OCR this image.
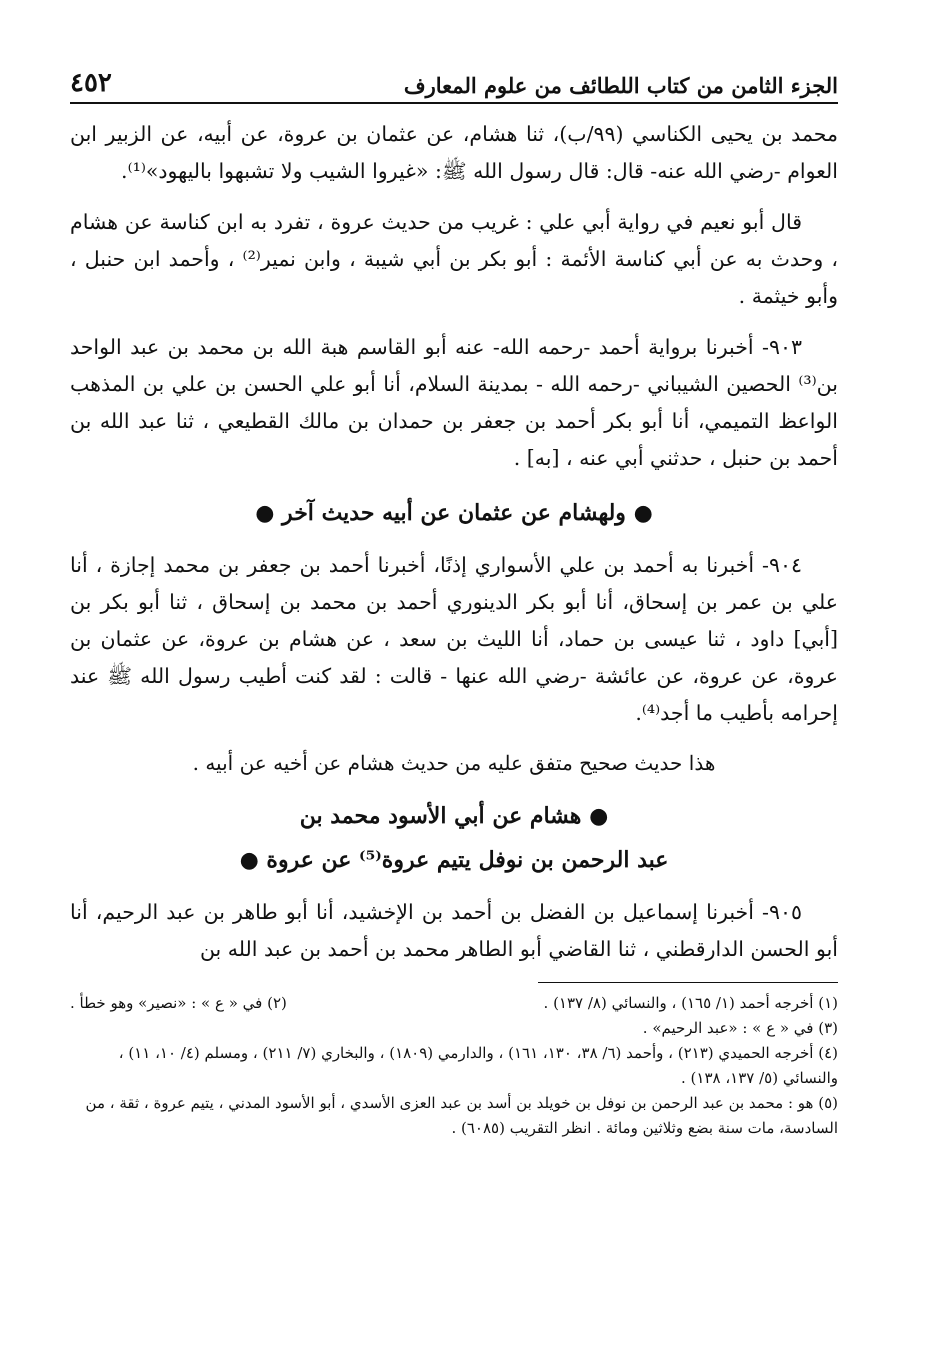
الجزء الثامن من كتاب اللطائف من علوم المعارف
٤٥٢

محمد بن يحيى الكناسي (٩٩/ب)، ثنا هشام، عن عثمان بن عروة، عن أبيه، عن الزبير ابن العوام -رضي الله عنه- قال: قال رسول الله ﷺ: «غيروا الشيب ولا تشبهوا باليهود»⁽¹⁾.

قال أبو نعيم في رواية أبي علي : غريب من حديث عروة ، تفرد به ابن كناسة عن هشام ، وحدث به عن أبي كناسة الأئمة : أبو بكر بن أبي شيبة ، وابن نمير⁽²⁾ ، وأحمد ابن حنبل ، وأبو خيثمة .

٩٠٣- أخبرنا برواية أحمد -رحمه الله- عنه أبو القاسم هبة الله بن محمد بن عبد الواحد بن⁽³⁾ الحصين الشيباني -رحمه الله - بمدينة السلام، أنا أبو علي الحسن بن علي بن المذهب الواعظ التميمي، أنا أبو بكر أحمد بن جعفر بن حمدان بن مالك القطيعي ، ثنا عبد الله بن أحمد بن حنبل ، حدثني أبي عنه ، [به] .

● ولهشام عن عثمان عن أبيه حديث آخر ●

٩٠٤- أخبرنا به أحمد بن علي الأسواري إذنًا، أخبرنا أحمد بن جعفر بن محمد إجازة ، أنا علي بن عمر بن إسحاق، أنا أبو بكر الدينوري أحمد بن محمد بن إسحاق ، ثنا أبو بكر بن [أبي] داود ، ثنا عيسى بن حماد، أنا الليث بن سعد ، عن هشام بن عروة، عن عثمان بن عروة، عن عروة، عن عائشة -رضي الله عنها - قالت : لقد كنت أطيب رسول الله ﷺ عند إحرامه بأطيب ما أجد⁽⁴⁾.

هذا حديث صحيح متفق عليه من حديث هشام عن أخيه عن أبيه .
● هشام عن أبي الأسود محمد بن
عبد الرحمن بن نوفل يتيم عروة⁽⁵⁾ عن عروة ●

٩٠٥- أخبرنا إسماعيل بن الفضل بن أحمد بن الإخشيد، أنا أبو طاهر بن عبد الرحيم، أنا أبو الحسن الدارقطني ، ثنا القاضي أبو الطاهر محمد بن أحمد بن عبد الله بن

(١) أخرجه أحمد (١/ ١٦٥) ، والنسائي (٨/ ١٣٧) .
(٢) في « ع » : «نصير» وهو خطأ .
(٣) في « ع » : «عبد الرحيم» .
(٤) أخرجه الحميدي (٢١٣) ، وأحمد (٦/ ٣٨، ١٣٠، ١٦١) ، والدارمي (١٨٠٩) ، والبخاري (٧/ ٢١١) ، ومسلم (٤/ ١٠، ١١) ، والنسائي (٥/ ١٣٧، ١٣٨) .
(٥) هو : محمد بن عبد الرحمن بن نوفل بن خويلد بن أسد بن عبد العزى الأسدي ، أبو الأسود المدني ، يتيم عروة ، ثقة ، من السادسة، مات سنة بضع وثلاثين ومائة . انظر التقريب (٦٠٨٥) .
